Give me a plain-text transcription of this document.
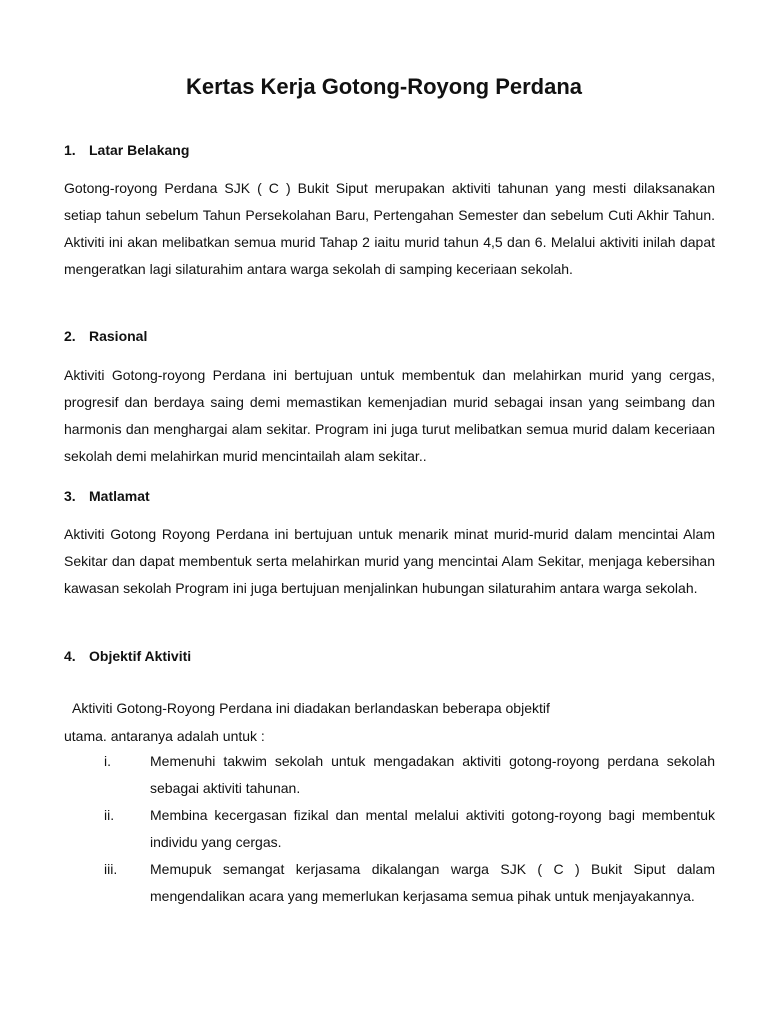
Kertas Kerja Gotong-Royong Perdana
1. Latar Belakang

Gotong-royong Perdana SJK ( C ) Bukit Siput merupakan aktiviti tahunan yang mesti dilaksanakan setiap tahun sebelum Tahun Persekolahan Baru, Pertengahan Semester dan sebelum Cuti Akhir Tahun. Aktiviti ini akan melibatkan semua murid Tahap 2 iaitu murid tahun 4,5 dan 6. Melalui aktiviti inilah dapat mengeratkan lagi silaturahim antara warga sekolah di samping keceriaan sekolah.

2. Rasional

Aktiviti Gotong-royong Perdana ini bertujuan untuk membentuk dan melahirkan murid yang cergas, progresif dan berdaya saing demi memastikan kemenjadian murid sebagai insan yang seimbang dan harmonis dan menghargai alam sekitar. Program ini juga turut melibatkan semua murid dalam keceriaan sekolah demi melahirkan murid mencintailah alam sekitar..

3. Matlamat

Aktiviti Gotong Royong Perdana ini bertujuan untuk menarik minat murid-murid dalam mencintai Alam Sekitar dan dapat membentuk serta melahirkan murid yang mencintai Alam Sekitar, menjaga kebersihan kawasan sekolah Program ini juga bertujuan menjalinkan hubungan silaturahim antara warga sekolah.

4. Objektif Aktiviti

Aktiviti Gotong-Royong Perdana ini diadakan berlandaskan beberapa objektif
utama. antaranya adalah untuk :

i.	Memenuhi takwim sekolah untuk mengadakan aktiviti gotong-royong perdana sekolah sebagai aktiviti tahunan.
ii.	Membina kecergasan fizikal dan mental melalui aktiviti gotong-royong bagi membentuk individu yang cergas.
iii. Memupuk semangat kerjasama dikalangan warga SJK ( C ) Bukit Siput dalam mengendalikan acara yang memerlukan kerjasama semua pihak untuk menjayakannya.
